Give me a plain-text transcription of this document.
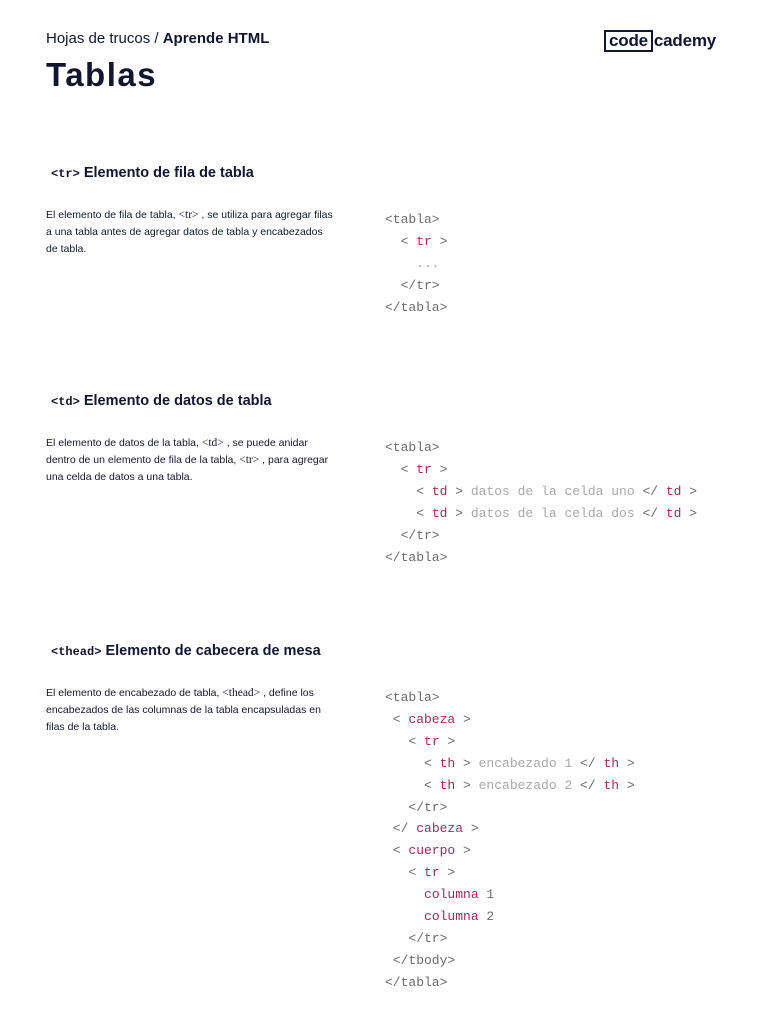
Hojas de trucos / Aprende HTML	code cademy
Tablas
<tr> Elemento de fila de tabla

El elemento de fila de tabla, <tr> , se utiliza para agregar filas a una tabla antes de agregar datos de tabla y encabezados de tabla.

<tabla>
< tr >
...
</tr>
</tabla>
<td> Elemento de datos de tabla

El elemento de datos de la tabla, <td> , se puede anidar dentro de un elemento de fila de la tabla, <tr> , para agregar una celda de datos a una tabla.

<tabla>
< tr >
< td > datos de la celda uno </ td >
< td > datos de la celda dos </ td >
</tr>
</tabla>
<thead> Elemento de cabecera de mesa

El elemento de encabezado de tabla, <thead> , define los encabezados de las columnas de la tabla encapsuladas en filas de la tabla.

<tabla>
< cabeza >
< tr >
< th > encabezado 1 </ th >
< th > encabezado 2 </ th >
</tr>
</ cabeza >
< cuerpo >
< tr >
columna 1
columna 2
</tr>
</tbody>
</tabla>
